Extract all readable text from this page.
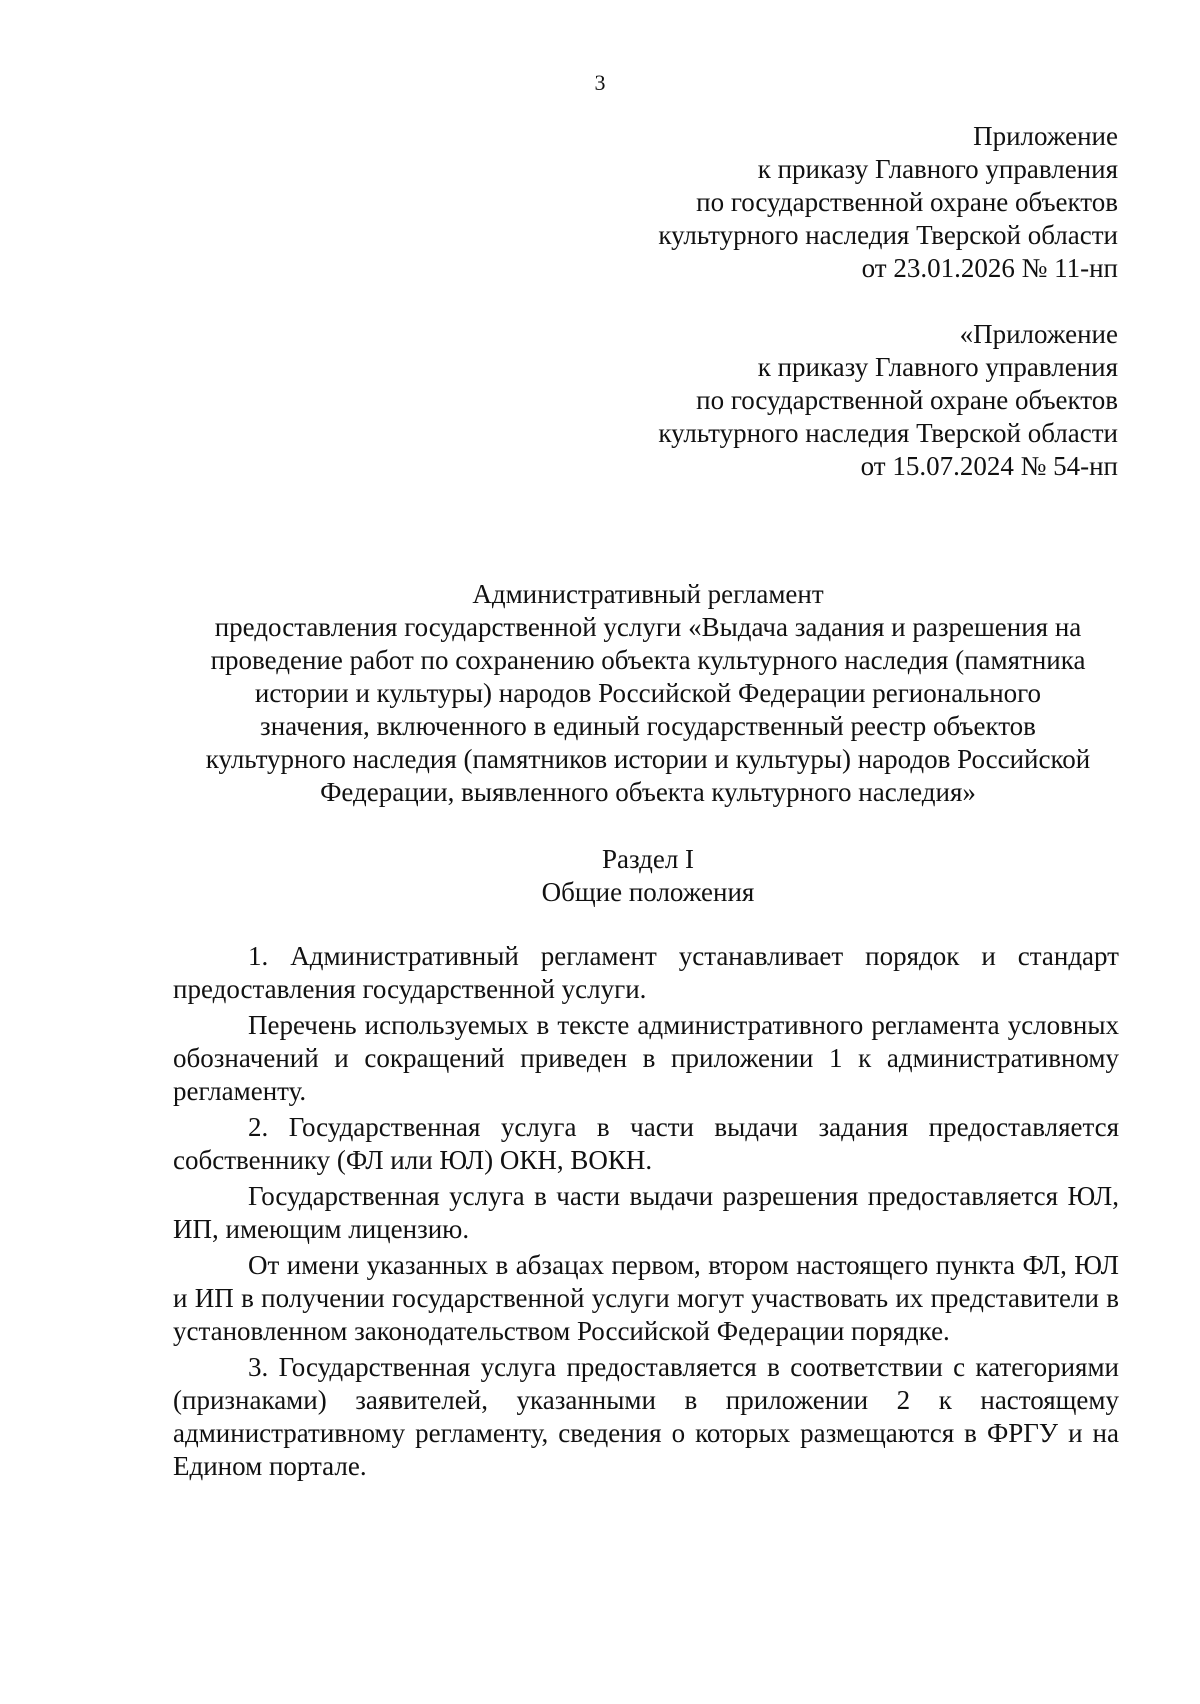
3
Приложение
к приказу Главного управления
по государственной охране объектов
культурного наследия Тверской области
от 23.01.2026 № 11-нп
«Приложение
к приказу Главного управления
по государственной охране объектов
культурного наследия Тверской области
от 15.07.2024 № 54-нп
Административный регламент
предоставления государственной услуги «Выдача задания и разрешения на
проведение работ по сохранению объекта культурного наследия (памятника
истории и культуры) народов Российской Федерации регионального
значения, включенного в единый государственный реестр объектов
культурного наследия (памятников истории и культуры) народов Российской
Федерации, выявленного объекта культурного наследия»
Раздел I
Общие положения

1. Административный регламент устанавливает порядок и стандарт предоставления государственной услуги.

Перечень используемых в тексте административного регламента условных обозначений и сокращений приведен в приложении 1 к административному регламенту.

2. Государственная услуга в части выдачи задания предоставляется собственнику (ФЛ или ЮЛ) ОКН, ВОКН.

Государственная услуга в части выдачи разрешения предоставляется ЮЛ, ИП, имеющим лицензию.

От имени указанных в абзацах первом, втором настоящего пункта ФЛ, ЮЛ и ИП в получении государственной услуги могут участвовать их представители в установленном законодательством Российской Федерации порядке.

3. Государственная услуга предоставляется в соответствии с категориями (признаками) заявителей, указанными в приложении 2 к настоящему административному регламенту, сведения о которых размещаются в ФРГУ и на Едином портале.
